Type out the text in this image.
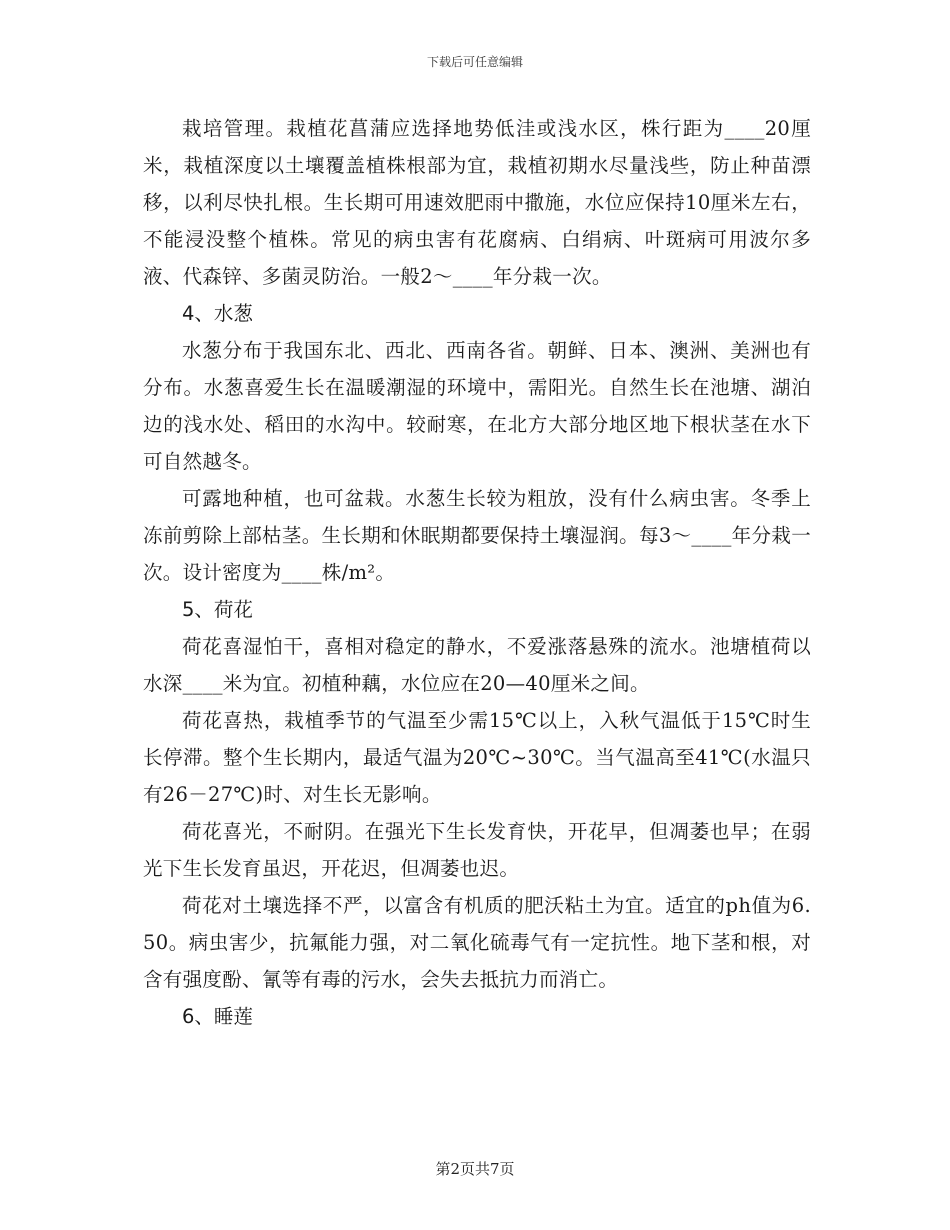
下载后可任意编辑

栽培管理。栽植花菖蒲应选择地势低洼或浅水区，株行距为____20厘米，栽植深度以土壤覆盖植株根部为宜，栽植初期水尽量浅些，防止种苗漂移，以利尽快扎根。生长期可用速效肥雨中撒施，水位应保持10厘米左右，不能浸没整个植株。常见的病虫害有花腐病、白绢病、叶斑病可用波尔多液、代森锌、多菌灵防治。一般2～____年分栽一次。

4、水葱

水葱分布于我国东北、西北、西南各省。朝鲜、日本、澳洲、美洲也有分布。水葱喜爱生长在温暖潮湿的环境中，需阳光。自然生长在池塘、湖泊边的浅水处、稻田的水沟中。较耐寒，在北方大部分地区地下根状茎在水下可自然越冬。

可露地种植，也可盆栽。水葱生长较为粗放，没有什么病虫害。冬季上冻前剪除上部枯茎。生长期和休眠期都要保持土壤湿润。每3～____年分栽一次。设计密度为____株/m²。

5、荷花

荷花喜湿怕干，喜相对稳定的静水，不爱涨落悬殊的流水。池塘植荷以水深____米为宜。初植种藕，水位应在20—40厘米之间。

荷花喜热，栽植季节的气温至少需15℃以上，入秋气温低于15℃时生长停滞。整个生长期内，最适气温为20℃~30℃。当气温高至41℃(水温只有26－27℃)时、对生长无影响。

荷花喜光，不耐阴。在强光下生长发育快，开花早，但凋萎也早；在弱光下生长发育虽迟，开花迟，但凋萎也迟。

荷花对土壤选择不严，以富含有机质的肥沃粘土为宜。适宜的ph值为6.50。病虫害少，抗氟能力强，对二氧化硫毒气有一定抗性。地下茎和根，对含有强度酚、氰等有毒的污水，会失去抵抗力而消亡。

6、睡莲

第2页共7页
